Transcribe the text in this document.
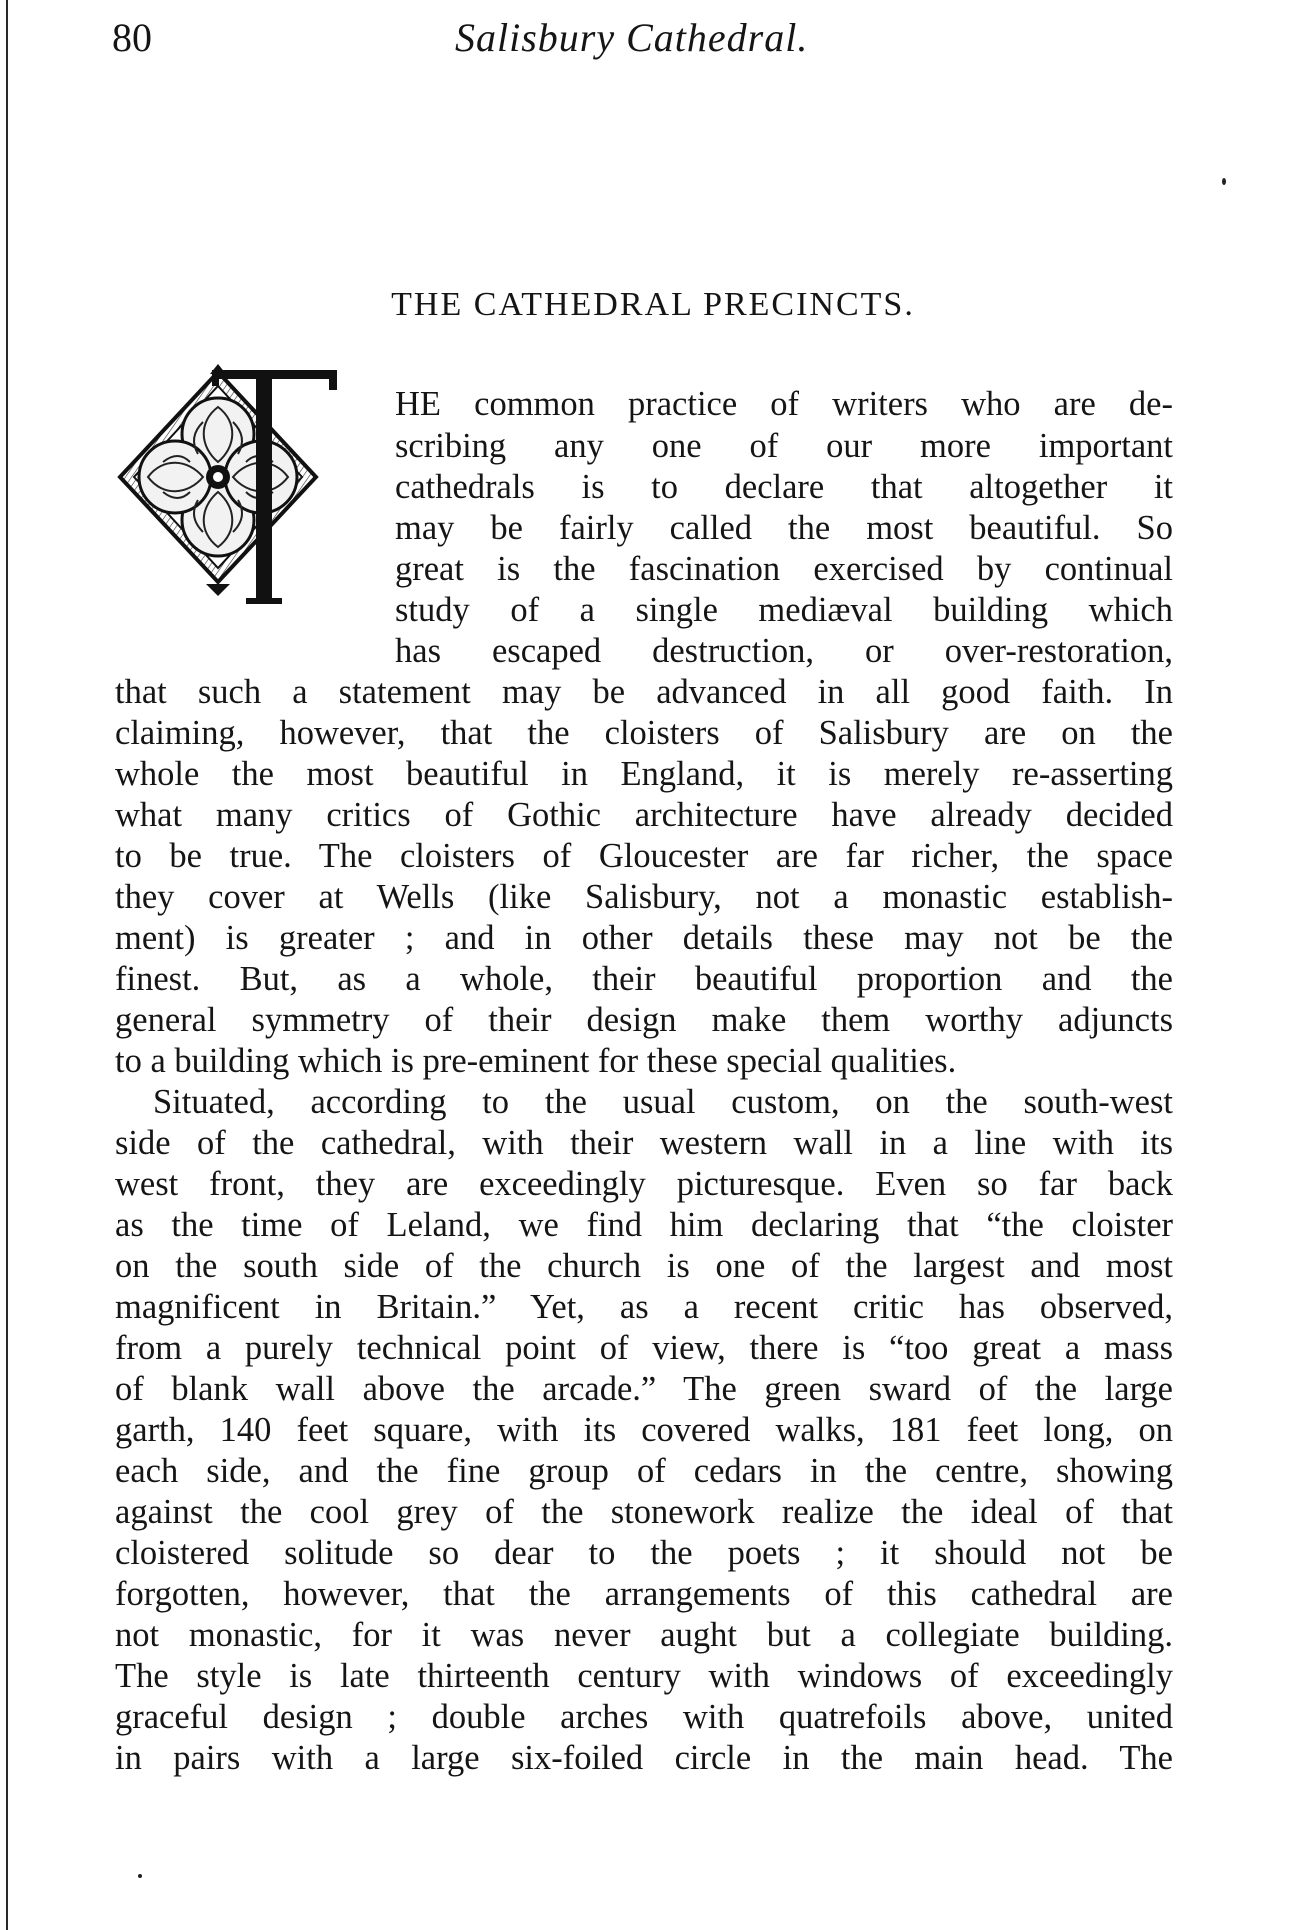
80	Salisbury Cathedral.
THE CATHEDRAL PRECINCTS.
HE common practice of writers who are de-
scribing any one of our more important
cathedrals is to declare that altogether it
may be fairly called the most beautiful. So
great is the fascination exercised by continual
study of a single mediæval building which
has escaped destruction, or over-restoration,
that such a statement may be advanced in all good faith. In
claiming, however, that the cloisters of Salisbury are on the
whole the most beautiful in England, it is merely re-asserting
what many critics of Gothic architecture have already decided
to be true. The cloisters of Gloucester are far richer, the space
they cover at Wells (like Salisbury, not a monastic establish-
ment) is greater ; and in other details these may not be the
finest. But, as a whole, their beautiful proportion and the
general symmetry of their design make them worthy adjuncts
to a building which is pre-eminent for these special qualities.
Situated, according to the usual custom, on the south-west
side of the cathedral, with their western wall in a line with its
west front, they are exceedingly picturesque. Even so far back
as the time of Leland, we find him declaring that “the cloister
on the south side of the church is one of the largest and most
magnificent in Britain.” Yet, as a recent critic has observed,
from a purely technical point of view, there is “too great a mass
of blank wall above the arcade.” The green sward of the large
garth, 140 feet square, with its covered walks, 181 feet long, on
each side, and the fine group of cedars in the centre, showing
against the cool grey of the stonework realize the ideal of that
cloistered solitude so dear to the poets ; it should not be
forgotten, however, that the arrangements of this cathedral are
not monastic, for it was never aught but a collegiate building.
The style is late thirteenth century with windows of exceedingly
graceful design ; double arches with quatrefoils above, united
in pairs with a large six-foiled circle in the main head. The
